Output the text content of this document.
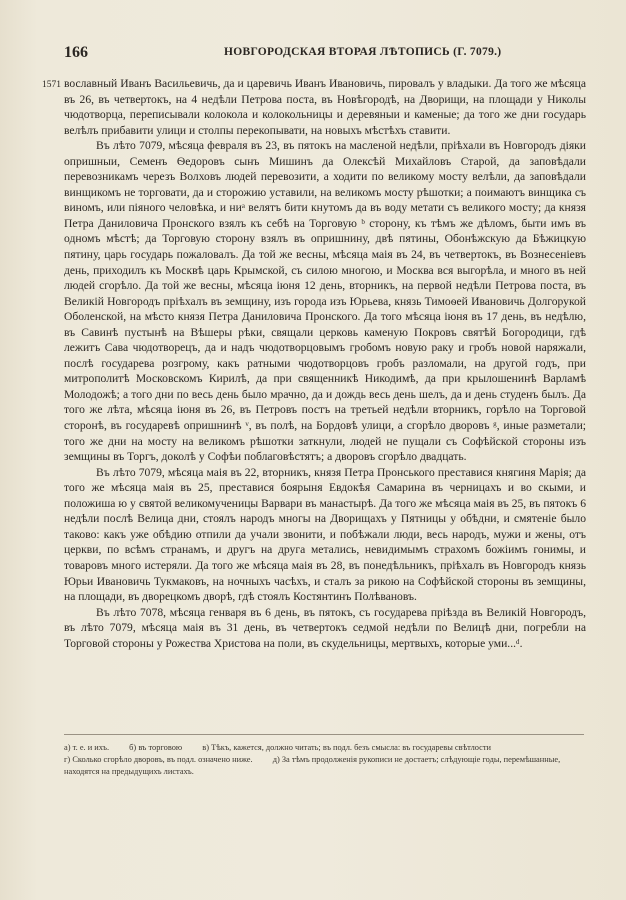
166	НОВГОРОДСКАЯ ВТОРАЯ ЛѢТОПИСЬ (Г. 7079.)
1571 вославный Иванъ Васильевичь, да и царевичь Иванъ Ивановичь, пировалъ у владыки. Да того же мѣсяца въ 26, въ четвертокъ, на 4 недѣли Петрова поста, въ Новѣгородѣ, на Дворищи, на площади у Николы чюдотворца, переписывали колокола и колокольницы и деревяныи и каменые; да того же дни государь велѣлъ прибавити улици и столпы перекопывати, на новыхъ мѣстѣхъ ставити.

Въ лѣто 7079, мѣсяца февраля въ 23, въ пятокъ на масленой недѣли, пріѣхали въ Новгородъ діяки опришныи, Семенъ Ѳедоровъ сынъ Мишинъ да Олексѣй Михайловъ Старой, да заповѣдали перевозникамъ черезъ Волховъ людей перевозити, а ходити по великому мосту велѣли, да заповѣдали винщикомъ не торговати, да и сторожию уставили, на великомъ мосту рѣшотки; а поимаютъ винщика съ виномъ, или піяного человѣка, и ниᵃ велятъ бити кнутомъ да въ воду метати съ великого мосту; да князя Петра Даниловича Пронского взялъ къ себѣ на Торговую ᵇ сторону, къ тѣмъ же дѣломъ, быти имъ въ одномъ мѣстѣ; да Торговую сторону взялъ въ опришнину, двѣ пятины, Обонѣжскую да Бѣжицкую пятину, царь государь пожаловалъ. Да той же весны, мѣсяца маія въ 24, въ четвертокъ, въ Вознесеніевъ день, приходилъ къ Москвѣ царь Крымской, съ силою многою, и Москва вся выгорѣла, и много въ ней людей сгорѣло. Да той же весны, мѣсяца іюня 12 день, вторникъ, на первой недѣли Петрова поста, въ Великій Новгородъ пріѣхалъ въ земщину, изъ города изъ Юрьева, князь Тимоѳей Ивановичь Долгорукой Оболенской, на мѣсто князя Петра Даниловича Пронского. Да того мѣсяца іюня въ 17 день, въ недѣлю, въ Савинѣ пустынѣ на Вѣшеры рѣки, свящали церковь каменую Покровъ святѣй Богородици, гдѣ лежитъ Сава чюдотворецъ, да и надъ чюдотворцовымъ гробомъ новую раку и гробъ новой наряжали, послѣ государева розгрому, какъ ратными чюдотворцовъ гробъ разломали, на другой годъ, при митрополитѣ Московскомъ Кирилѣ, да при священникѣ Никодимѣ, да при крылошенинѣ Варламѣ Молодожѣ; а того дни по весь день было мрачно, да и дождь весь день шелъ, да и день студенъ былъ. Да того же лѣта, мѣсяца іюня въ 26, въ Петровъ постъ на третьей недѣли вторникъ, горѣло на Торговой сторонѣ, въ государевѣ опришнинѣ ᵛ, въ полѣ, на Бордовѣ улици, а сгорѣло дворовъ ᵍ, иные разметали; того же дни на мосту на великомъ рѣшотки заткнули, людей не пущали съ Софѣйской стороны изъ земщины въ Торгъ, доколѣ у Софѣи поблаговѣстятъ; а дворовъ сгорѣло двадцать.

Въ лѣто 7079, мѣсяца маія въ 22, вторникъ, князя Петра Пронського преставися княгиня Марія; да того же мѣсяца маія въ 25, преставися боярыня Евдокѣя Самарина въ черницахъ и во скыми, и положиша ю у святой великомученицы Варвари въ манастырѣ. Да того же мѣсяца маія въ 25, въ пятокъ 6 недѣли послѣ Велица дни, стоялъ народъ многы на Дворищахъ у Пятницы у обѣдни, и смятеніе было таково: какъ уже обѣдию отпили да учали звонити, и побѣжали люди, весь народъ, мужи и жены, отъ церкви, по всѣмъ странамъ, и другъ на друга метались, невидимымъ страхомъ божіимъ гонимы, и товаровъ много истеряли. Да того же мѣсяца маія въ 28, въ понедѣльникъ, пріѣхалъ въ Новгородъ князь Юрьи Ивановичь Тукмаковъ, на ночныхъ часѣхъ, и сталъ за рикою на Софѣйской стороны въ земщины, на площади, въ дворецкомъ дворѣ, гдѣ стоялъ Костянтинъ Полѣвановъ.

Въ лѣто 7078, мѣсяца генваря въ 6 день, въ пятокъ, съ государева пріѣзда въ Великій Новгородъ, въ лѣто 7079, мѣсяца маія въ 31 день, въ четвертокъ седмой недѣли по Велицѣ дни, погребли на Торговой стороны у Рожества Христова на поли, въ скудельницы, мертвыхъ, которые уми...ᵈ.

а) т. е. и ихъ. б) въ торговою в) Тѣкъ, кажется, должно читать; въ подл. безъ смысла: въ государевы свѣтлости

г) Сколько сгорѣло дворовъ, въ подл. означено ниже. д) За тѣмъ продолженія рукописи не достаетъ; слѣдующіе годы, перемѣшанные, находятся на предыдущихъ листахъ.
